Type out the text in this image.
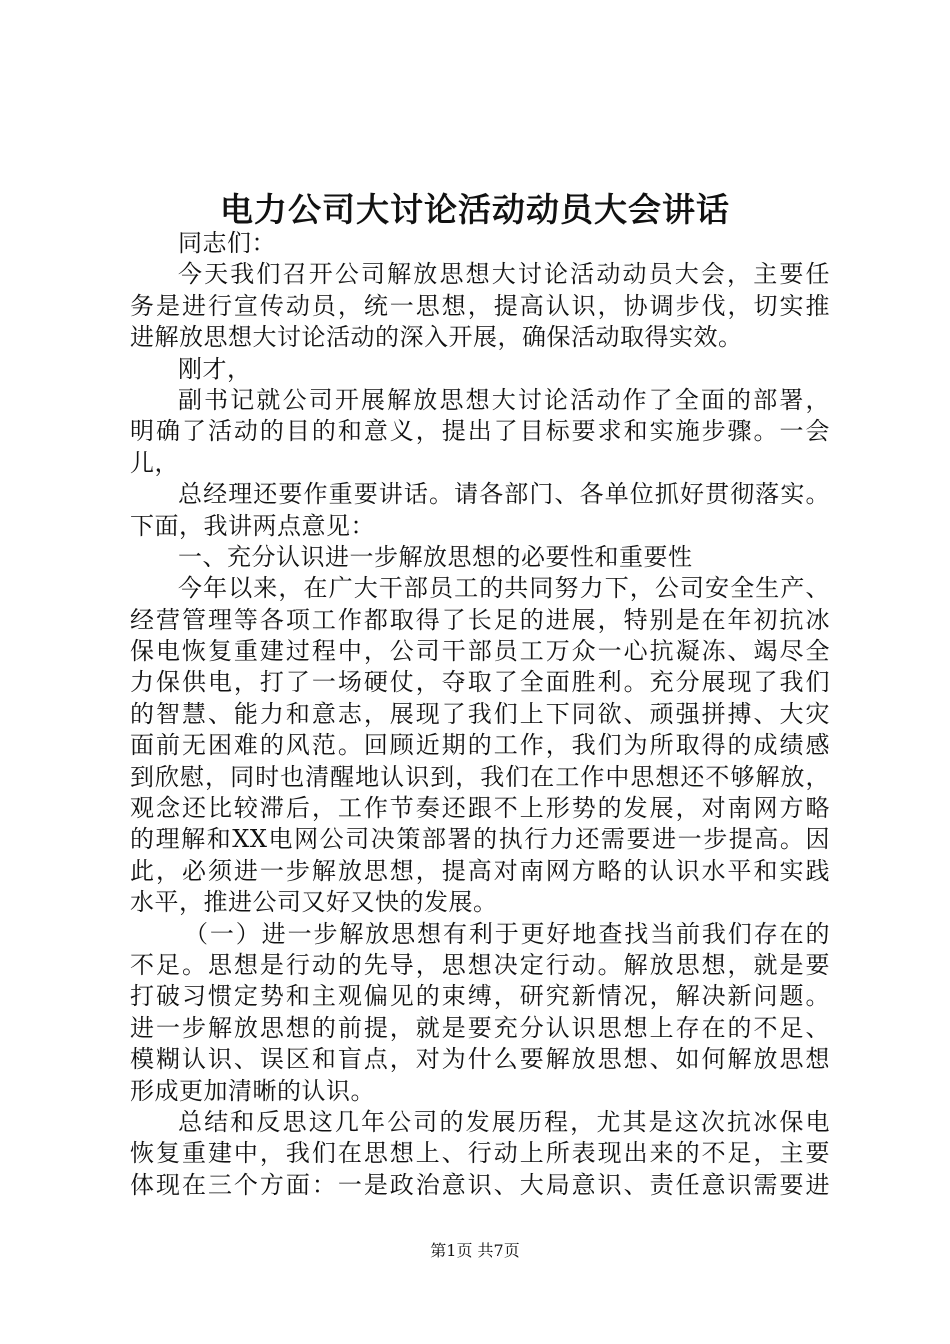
电力公司大讨论活动动员大会讲话
同志们：
今天我们召开公司解放思想大讨论活动动员大会，主要任
务是进行宣传动员，统一思想，提高认识，协调步伐，切实推
进解放思想大讨论活动的深入开展，确保活动取得实效。
刚才，
副书记就公司开展解放思想大讨论活动作了全面的部署，
明确了活动的目的和意义，提出了目标要求和实施步骤。一会
儿，
总经理还要作重要讲话。请各部门、各单位抓好贯彻落实。
下面，我讲两点意见：
一、充分认识进一步解放思想的必要性和重要性
今年以来，在广大干部员工的共同努力下，公司安全生产、
经营管理等各项工作都取得了长足的进展，特别是在年初抗冰
保电恢复重建过程中，公司干部员工万众一心抗凝冻、竭尽全
力保供电，打了一场硬仗，夺取了全面胜利。充分展现了我们
的智慧、能力和意志，展现了我们上下同欲、顽强拼搏、大灾
面前无困难的风范。回顾近期的工作，我们为所取得的成绩感
到欣慰，同时也清醒地认识到，我们在工作中思想还不够解放，
观念还比较滞后，工作节奏还跟不上形势的发展，对南网方略
的理解和XX电网公司决策部署的执行力还需要进一步提高。因
此，必须进一步解放思想，提高对南网方略的认识水平和实践
水平，推进公司又好又快的发展。
（一）进一步解放思想有利于更好地查找当前我们存在的
不足。思想是行动的先导，思想决定行动。解放思想，就是要
打破习惯定势和主观偏见的束缚，研究新情况，解决新问题。
进一步解放思想的前提，就是要充分认识思想上存在的不足、
模糊认识、误区和盲点，对为什么要解放思想、如何解放思想
形成更加清晰的认识。
总结和反思这几年公司的发展历程，尤其是这次抗冰保电
恢复重建中，我们在思想上、行动上所表现出来的不足，主要
体现在三个方面：一是政治意识、大局意识、责任意识需要进
第1页 共7页
